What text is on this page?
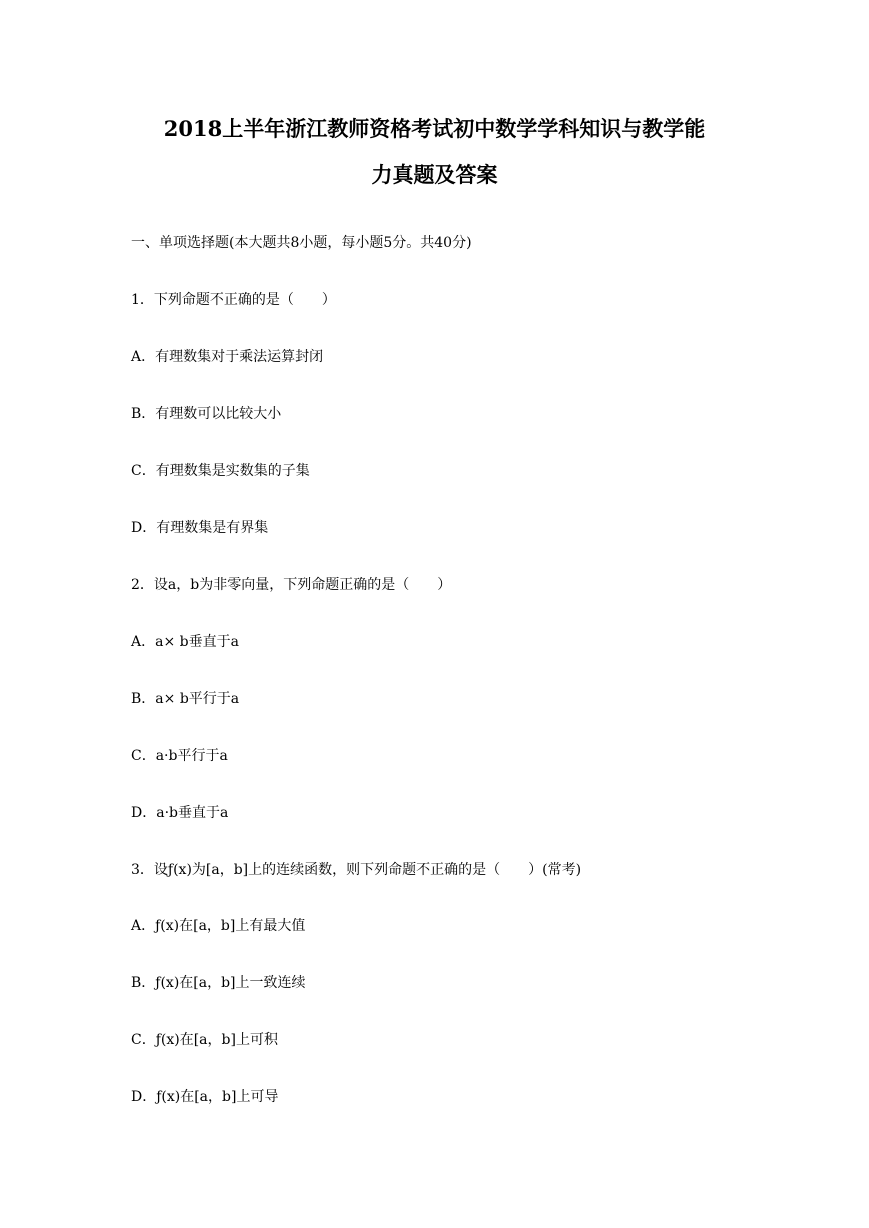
2018上半年浙江教师资格考试初中数学学科知识与教学能
力真题及答案

一、单项选择题(本大题共8小题，每小题5分。共40分)

1．下列命题不正确的是（　　）

A．有理数集对于乘法运算封闭

B．有理数可以比较大小

C．有理数集是实数集的子集

D．有理数集是有界集

2．设a，b为非零向量，下列命题正确的是（　　）

A．a× b垂直于a

B．a× b平行于a

C．a·b平行于a

D．a·b垂直于a

3．设ƒ(x)为[a，b]上的连续函数，则下列命题不正确的是（　　）(常考)

A．ƒ(x)在[a，b]上有最大值

B．ƒ(x)在[a，b]上一致连续

C．ƒ(x)在[a，b]上可积

D．ƒ(x)在[a，b]上可导
